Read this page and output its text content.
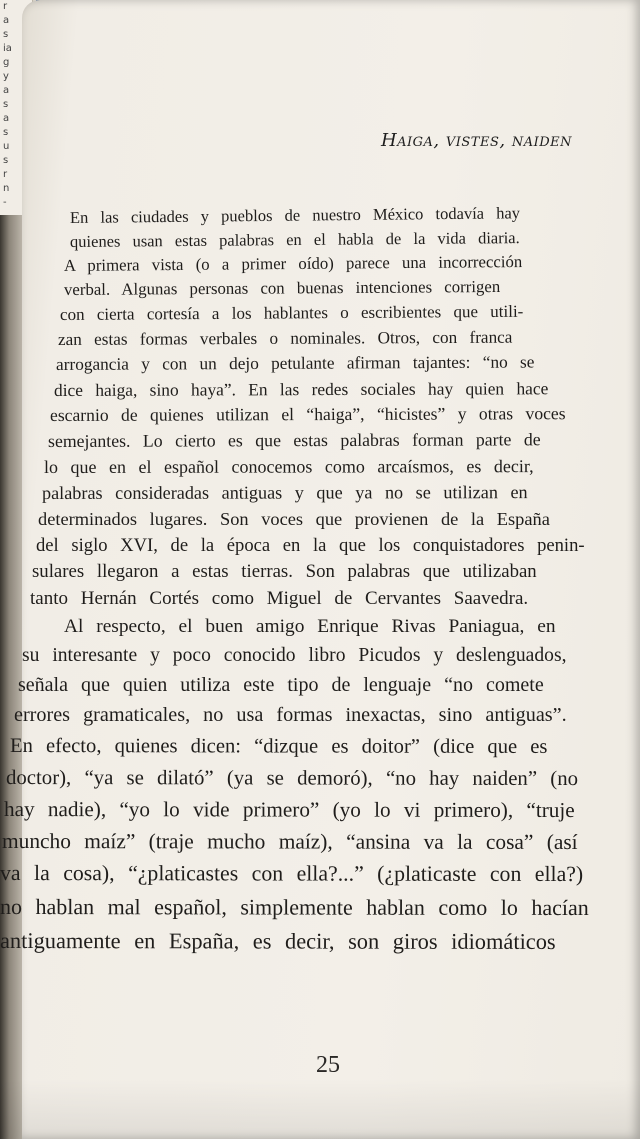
r
a
s
ia
g
y
a
s
a
s
u
s
r
n
-
Haiga, vistes, naiden
En las ciudades y pueblos de nuestro México todavía hay
quienes usan estas palabras en el habla de la vida diaria.
A primera vista (o a primer oído) parece una incorrección
verbal. Algunas personas con buenas intenciones corrigen
con cierta cortesía a los hablantes o escribientes que utili-
zan estas formas verbales o nominales. Otros, con franca
arrogancia y con un dejo petulante afirman tajantes: “no se
dice haiga, sino haya”. En las redes sociales hay quien hace
escarnio de quienes utilizan el “haiga”, “hicistes” y otras voces
semejantes. Lo cierto es que estas palabras forman parte de
lo que en el español conocemos como arcaísmos, es decir,
palabras consideradas antiguas y que ya no se utilizan en
determinados lugares. Son voces que provienen de la España
del siglo XVI, de la época en la que los conquistadores penin-
sulares llegaron a estas tierras. Son palabras que utilizaban
tanto Hernán Cortés como Miguel de Cervantes Saavedra.
Al respecto, el buen amigo Enrique Rivas Paniagua, en
su interesante y poco conocido libro Picudos y deslenguados,
señala que quien utiliza este tipo de lenguaje “no comete
errores gramaticales, no usa formas inexactas, sino antiguas”.
En efecto, quienes dicen: “dizque es doitor” (dice que es
doctor), “ya se dilató” (ya se demoró), “no hay naiden” (no
hay nadie), “yo lo vide primero” (yo lo vi primero), “truje
muncho maíz” (traje mucho maíz), “ansina va la cosa” (así
va la cosa), “¿platicastes con ella?...” (¿platicaste con ella?)
no hablan mal español, simplemente hablan como lo hacían
antiguamente en España, es decir, son giros idiomáticos
25
